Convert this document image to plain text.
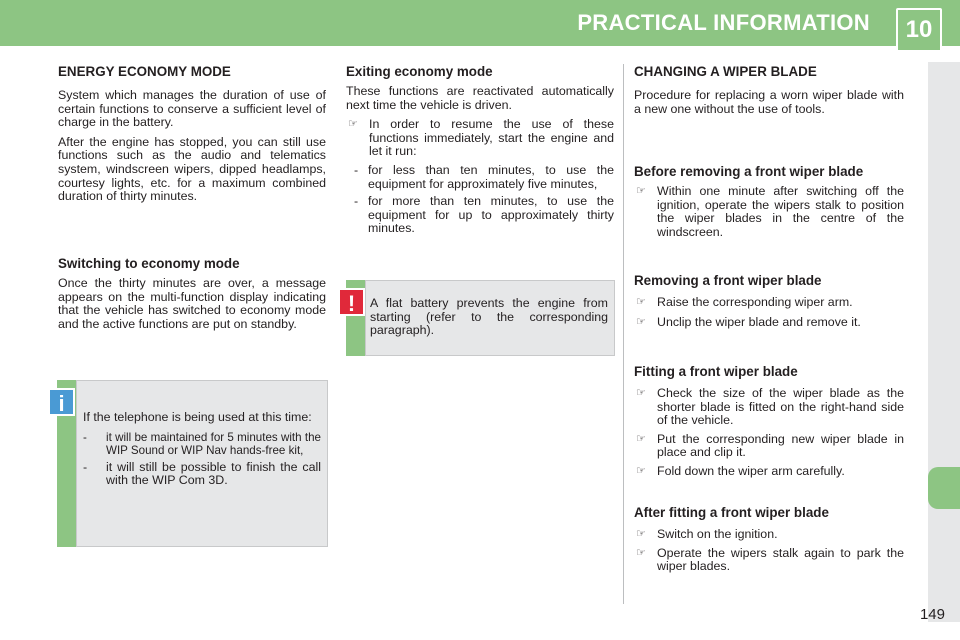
PRACTICAL INFORMATION	10
ENERGY ECONOMY MODE

System which manages the duration of use of certain functions to conserve a sufficient level of charge in the battery.

After the engine has stopped, you can still use functions such as the audio and telematics system, windscreen wipers, dipped headlamps, courtesy lights, etc. for a maximum combined duration of thirty minutes.

Switching to economy mode

Once the thirty minutes are over, a message appears on the multi-function display indicating that the vehicle has switched to economy mode and the active functions are put on standby.

i

If the telephone is being used at this time:

- it will be maintained for 5 minutes with the WIP Sound or WIP Nav hands-free kit,
- it will still be possible to finish the call with the WIP Com 3D.
Exiting economy mode

These functions are reactivated automatically next time the vehicle is driven.

☞ In order to resume the use of these functions immediately, start the engine and let it run:
- for less than ten minutes, to use the equipment for approximately five minutes,
- for more than ten minutes, to use the equipment for up to approximately thirty minutes.
!	A flat battery prevents the engine from starting (refer to the corresponding paragraph).

CHANGING A WIPER BLADE

Procedure for replacing a worn wiper blade with a new one without the use of tools.

Before removing a front wiper blade
☞ Within one minute after switching off the ignition, operate the wipers stalk to position the wiper blades in the centre of the windscreen.
Removing a front wiper blade
☞ Raise the corresponding wiper arm.
☞ Unclip the wiper blade and remove it.
Fitting a front wiper blade
☞ Check the size of the wiper blade as the shorter blade is fitted on the right-hand side of the vehicle.
☞ Put the corresponding new wiper blade in place and clip it.
☞ Fold down the wiper arm carefully.
After fitting a front wiper blade
☞ Switch on the ignition.
☞ Operate the wipers stalk again to park the wiper blades.
149
